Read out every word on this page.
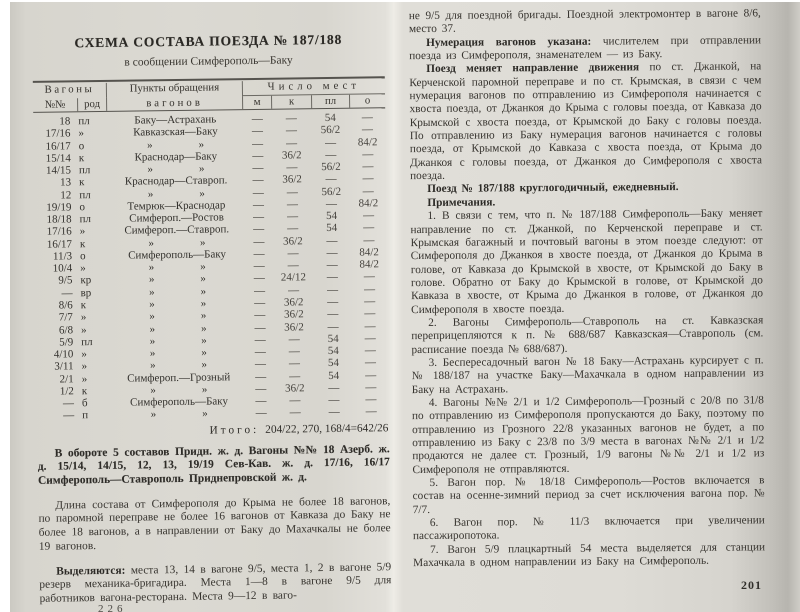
СХЕМА СОСТАВА ПОЕЗДА № 187/188
в сообщении Симферополь—Баку
Вагоны	Пункты обращения	Число мест
№№	род	вагонов	м	к	пл	о
18 пл	Баку—Астрахань	—	—	54	—
17/16 »	Кавказская—Баку	—	—	56/2	—
16/17 о	»	»	—	—	—	84/2
15/14 к	Краснодар—Баку	—	36/2	—	—
14/15 пл	»	»	—	—	56/2	—
13 к	Краснодар—Ставроп.	—	36/2	—	—
12 пл	»	»	—	—	56/2	—
19/19 о	Темрюк—Краснодар	—	—	—	84/2
18/18 пл	Симфероп.—Ростов	—	—	54	—
17/16 »	Симфероп.—Ставроп.	—	—	54	—
16/17 к	»	»	—	36/2	—	—
11/3 о	Симферополь—Баку	—	—	—	84/2
10/4 »	»	»	—	—	—	84/2
9/5 кр	»	»	—	24/12	—	—
— вр	»	»	—	—	—	—
8/6 к	»	»	—	36/2	—	—
7/7 »	»	»	—	36/2	—	—
6/8 »	»	»	—	36/2	—	—
5/9 пл	»	»	—	—	54	—
4/10 »	»	»	—	—	54	—
3/11 »	»	»	—	—	54	—
2/1 »	Симфероп.—Грозный	—	—	54	—
1/2 к	»	»	—	36/2	—	—
— б	Симферополь—Баку	—	—	—	—
— п	»	»	—	—	—	—
Итого: 204/22, 270, 168/4=642/26

В обороте 5 составов Придн. ж. д. Вагоны №№ 18 Азерб. ж. д. 15/14, 14/15, 12, 13, 19/19 Сев-Кав. ж. д. 17/16, 16/17 Симферополь—Ставрополь Приднепровской ж. д.

Длина состава от Симферополя до Крыма не более 18 вагонов, по паромной переправе не более 16 вагонов от Кавказа до Баку не более 18 вагонов, а в направлении от Баку до Махачкалы не более 19 вагонов.

Выделяются: места 13, 14 в вагоне 9/5, места 1, 2 в вагоне 5/9 резерв механика-бригадира. Места 1—8 в вагоне 9/5 для работников вагона-ресторана. Места 9—12 в ваго-

226

не 9/5 для поездной бригады. Поездной электромонтер в вагоне 8/6, место 37.

Нумерация вагонов указана: числителем при отправлении поезда из Симферополя, знаменателем — из Баку.

Поезд меняет направление движения по ст. Джанкой, на Керченской паромной переправе и по ст. Крымская, в связи с чем нумерация вагонов по отправлению из Симферополя начинается с хвоста поезда, от Джанкоя до Крыма с головы поезда, от Кавказа до Крымской с хвоста поезда, от Крымской до Баку с головы поезда. По отправлению из Баку нумерация вагонов начинается с головы поезда, от Крымской до Кавказа с хвоста поезда, от Крыма до Джанкоя с головы поезда, от Джанкоя до Симферополя с хвоста поезда.

Поезд № 187/188 круглогодичный, ежедневный.

Примечания.

1. В связи с тем, что п. № 187/188 Симферополь—Баку меняет направление по ст. Джанкой, по Керченской переправе и ст. Крымская багажный и почтовый вагоны в этом поезде следуют: от Симферополя до Джанкоя в хвосте поезда, от Джанкоя до Крыма в голове, от Кавказа до Крымской в хвосте, от Крымской до Баку в голове. Обратно от Баку до Крымской в голове, от Крымской до Кавказа в хвосте, от Крыма до Джанкоя в голове, от Джанкоя до Симферополя в хвосте поезда.

2. Вагоны Симферополь—Ставрополь на ст. Кавказская переприцепляются к п. № 688/687 Кавказская—Ставрополь (см. расписание поезда № 688/687).

3. Беспересадочный вагон № 18 Баку—Астрахань курсирует с п. № 188/187 на участке Баку—Махачкала в одном направлении из Баку на Астрахань.

4. Вагоны №№ 2/1 и 1/2 Симферополь—Грозный с 20/8 по 31/8 по отправлению из Симферополя пропускаются до Баку, поэтому по отправлению из Грозного 22/8 указанных вагонов не будет, а по отправлению из Баку с 23/8 по 3/9 места в вагонах №№ 2/1 и 1/2 продаются не далее ст. Грозный, 1/9 вагоны №№ 2/1 и 1/2 из Симферополя не отправляются.

5. Вагон пор. № 18/18 Симферополь—Ростов включается в состав на осенне-зимний период за счет исключения вагона пор. № 7/7.

6. Вагон пор. № 11/3 включается при увеличении пассажиропотока.

7. Вагон 5/9 плацкартный 54 места выделяется для станции Махачкала в одном направлении из Баку на Симферополь.

201
